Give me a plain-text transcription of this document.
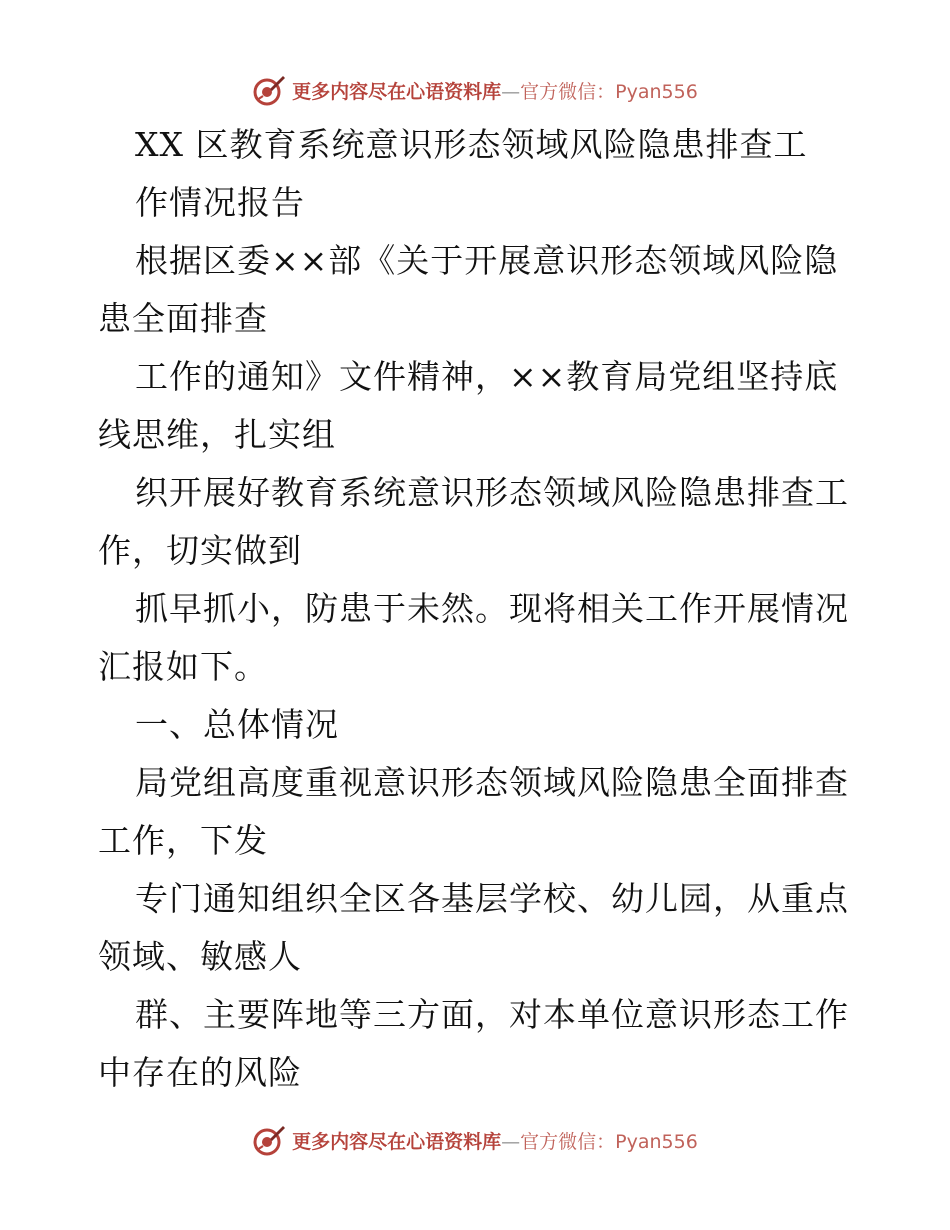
更多内容尽在心语资料库—官方微信：Pyan556

XX 区教育系统意识形态领域风险隐患排查工
作情况报告
根据区委××部《关于开展意识形态领域风险隐
患全面排查
工作的通知》文件精神，××教育局党组坚持底
线思维，扎实组
织开展好教育系统意识形态领域风险隐患排查工
作，切实做到
抓早抓小，防患于未然。现将相关工作开展情况
汇报如下。
一、总体情况
局党组高度重视意识形态领域风险隐患全面排查
工作，下发
专门通知组织全区各基层学校、幼儿园，从重点
领域、敏感人
群、主要阵地等三方面，对本单位意识形态工作
中存在的风险

更多内容尽在心语资料库—官方微信：Pyan556
